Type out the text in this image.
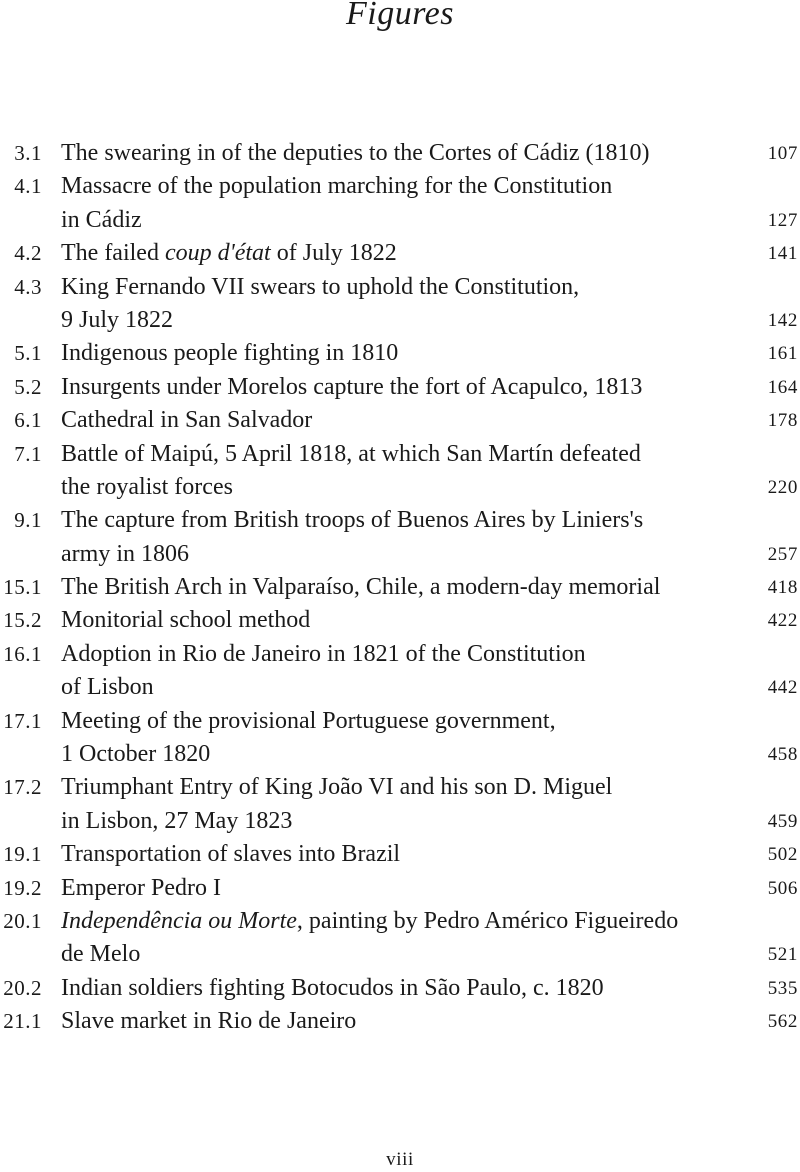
Figures
3.1 The swearing in of the deputies to the Cortes of Cádiz (1810)	107
4.1 Massacre of the population marching for the Constitution
in Cádiz	127
4.2 The failed coup d'état of July 1822	141
4.3 King Fernando VII swears to uphold the Constitution,
9 July 1822	142
5.1 Indigenous people fighting in 1810	161
5.2 Insurgents under Morelos capture the fort of Acapulco, 1813	164
6.1 Cathedral in San Salvador	178
7.1 Battle of Maipú, 5 April 1818, at which San Martín defeated
the royalist forces	220
9.1 The capture from British troops of Buenos Aires by Liniers's
army in 1806	257
15.1 The British Arch in Valparaíso, Chile, a modern-day memorial	418
15.2 Monitorial school method	422
16.1 Adoption in Rio de Janeiro in 1821 of the Constitution
of Lisbon	442
17.1 Meeting of the provisional Portuguese government,
1 October 1820	458
17.2 Triumphant Entry of King João VI and his son D. Miguel
in Lisbon, 27 May 1823	459
19.1 Transportation of slaves into Brazil	502
19.2 Emperor Pedro I	506
20.1 Independência ou Morte, painting by Pedro Américo Figueiredo
de Melo	521
20.2 Indian soldiers fighting Botocudos in São Paulo, c. 1820	535
21.1 Slave market in Rio de Janeiro	562
viii
